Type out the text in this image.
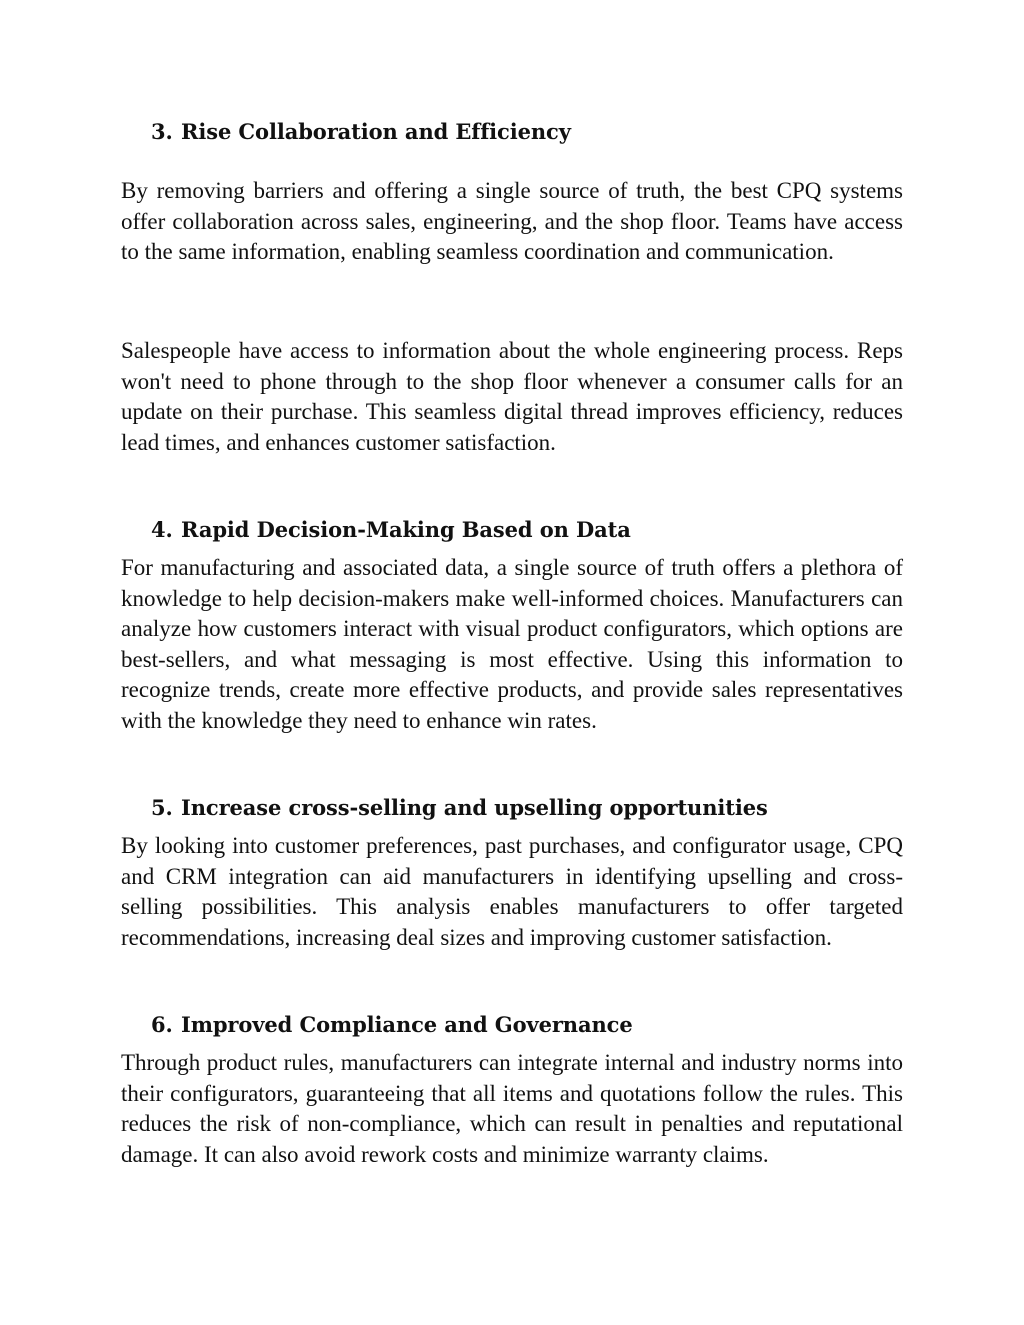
3. Rise Collaboration and Efficiency

By removing barriers and offering a single source of truth, the best CPQ systems offer collaboration across sales, engineering, and the shop floor. Teams have access to the same information, enabling seamless coordination and communication.

Salespeople have access to information about the whole engineering process. Reps won't need to phone through to the shop floor whenever a consumer calls for an update on their purchase. This seamless digital thread improves efficiency, reduces lead times, and enhances customer satisfaction.

4. Rapid Decision-Making Based on Data

For manufacturing and associated data, a single source of truth offers a plethora of knowledge to help decision-makers make well-informed choices. Manufacturers can analyze how customers interact with visual product configurators, which options are best-sellers, and what messaging is most effective. Using this information to recognize trends, create more effective products, and provide sales representatives with the knowledge they need to enhance win rates.

5. Increase cross-selling and upselling opportunities

By looking into customer preferences, past purchases, and configurator usage, CPQ and CRM integration can aid manufacturers in identifying upselling and cross-selling possibilities. This analysis enables manufacturers to offer targeted recommendations, increasing deal sizes and improving customer satisfaction.

6. Improved Compliance and Governance

Through product rules, manufacturers can integrate internal and industry norms into their configurators, guaranteeing that all items and quotations follow the rules. This reduces the risk of non-compliance, which can result in penalties and reputational damage. It can also avoid rework costs and minimize warranty claims.
